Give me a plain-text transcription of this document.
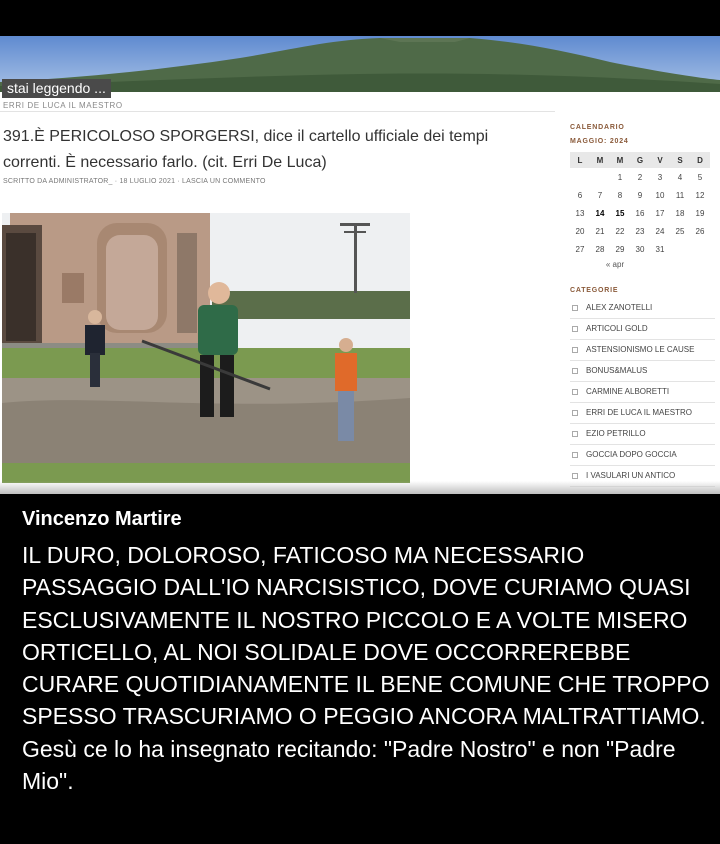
stai leggendo ...
ERRI DE LUCA IL MAESTRO
391.È PERICOLOSO SPORGERSI, dice il cartello ufficiale dei tempi
correnti. È necessario farlo. (cit. Erri De Luca)
SCRITTO DA ADMINISTRATOR_ · 18 LUGLIO 2021 · LASCIA UN COMMENTO
CALENDARIO
MAGGIO: 2024
L	M	M	G	V	S	D
		1	2	3	4	5
6	7	8	9	10	11	12
13	14	15	16	17	18	19
20	21	22	23	24	25	26
27	28	29	30	31		
« apr
CATEGORIE
ALEX ZANOTELLI
ARTICOLI GOLD
ASTENSIONISMO LE CAUSE
BONUS&MALUS
CARMINE ALBORETTI
ERRI DE LUCA IL MAESTRO
EZIO PETRILLO
GOCCIA DOPO GOCCIA
I VASULARI UN ANTICO
Vincenzo Martire

IL DURO, DOLOROSO, FATICOSO MA NECESSARIO PASSAGGIO DALL'IO NARCISISTICO, DOVE CURIAMO QUASI ESCLUSIVAMENTE IL NOSTRO PICCOLO E A VOLTE MISERO ORTICELLO, AL NOI SOLIDALE DOVE OCCORREREBBE CURARE QUOTIDIANAMENTE IL BENE COMUNE CHE TROPPO SPESSO TRASCURIAMO O PEGGIO ANCORA MALTRATTIAMO.

Gesù ce lo ha insegnato recitando: "Padre Nostro" e non "Padre Mio".
